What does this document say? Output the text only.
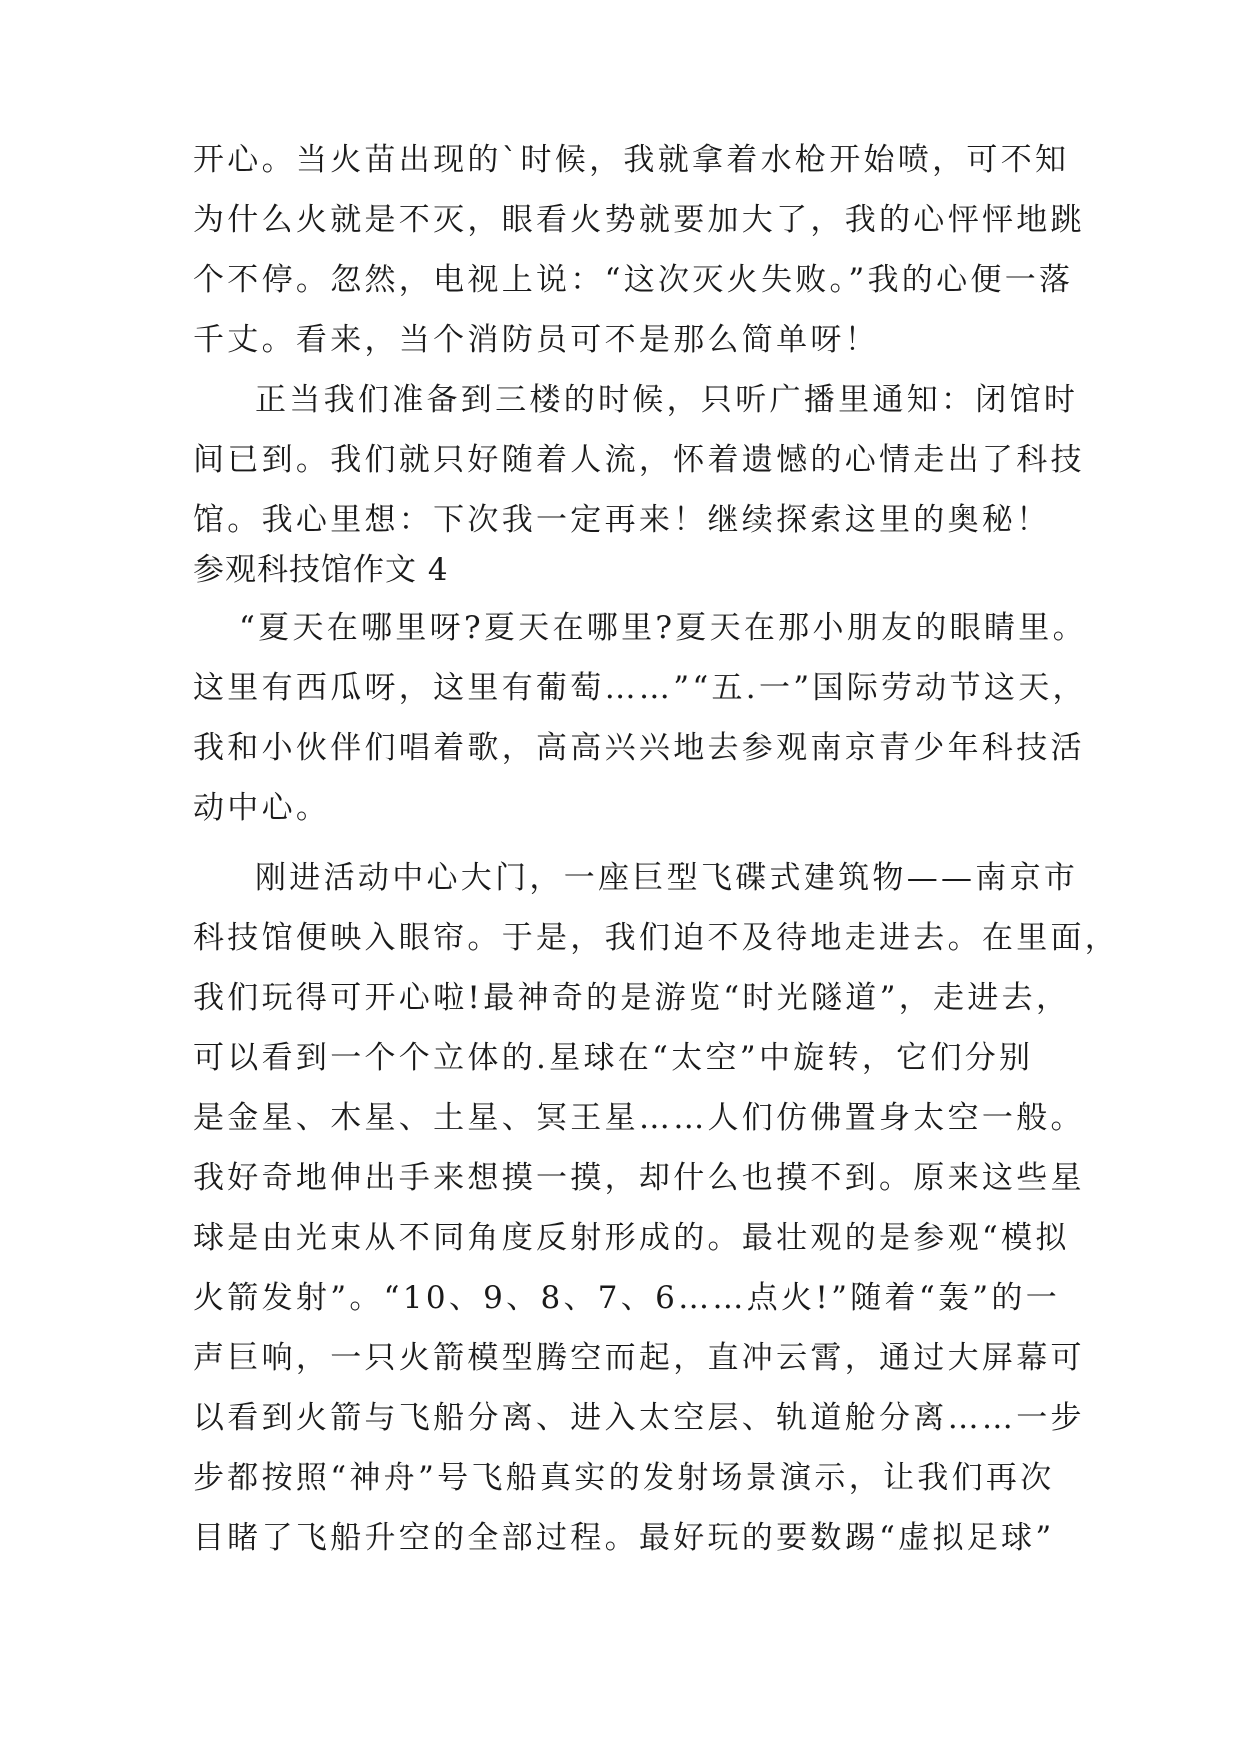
开心。当火苗出现的`时候，我就拿着水枪开始喷，可不知
为什么火就是不灭，眼看火势就要加大了，我的心怦怦地跳
个不停。忽然，电视上说：“这次灭火失败。”我的心便一落
千丈。看来，当个消防员可不是那么简单呀！
正当我们准备到三楼的时候，只听广播里通知：闭馆时
间已到。我们就只好随着人流，怀着遗憾的心情走出了科技
馆。我心里想：下次我一定再来！继续探索这里的奥秘！
参观科技馆作文 4
“夏天在哪里呀?夏天在哪里?夏天在那小朋友的眼睛里。
这里有西瓜呀，这里有葡萄……”“五.一”国际劳动节这天，
我和小伙伴们唱着歌，高高兴兴地去参观南京青少年科技活
动中心。
刚进活动中心大门，一座巨型飞碟式建筑物——南京市
科技馆便映入眼帘。于是，我们迫不及待地走进去。在里面，
我们玩得可开心啦!最神奇的是游览“时光隧道”，走进去，
可以看到一个个立体的.星球在“太空”中旋转，它们分别
是金星、木星、土星、冥王星……人们仿佛置身太空一般。
我好奇地伸出手来想摸一摸，却什么也摸不到。原来这些星
球是由光束从不同角度反射形成的。最壮观的是参观“模拟
火箭发射”。“10、9、8、7、6……点火!”随着“轰”的一
声巨响，一只火箭模型腾空而起，直冲云霄，通过大屏幕可
以看到火箭与飞船分离、进入太空层、轨道舱分离……一步
步都按照“神舟”号飞船真实的发射场景演示，让我们再次
目睹了飞船升空的全部过程。最好玩的要数踢“虚拟足球”
